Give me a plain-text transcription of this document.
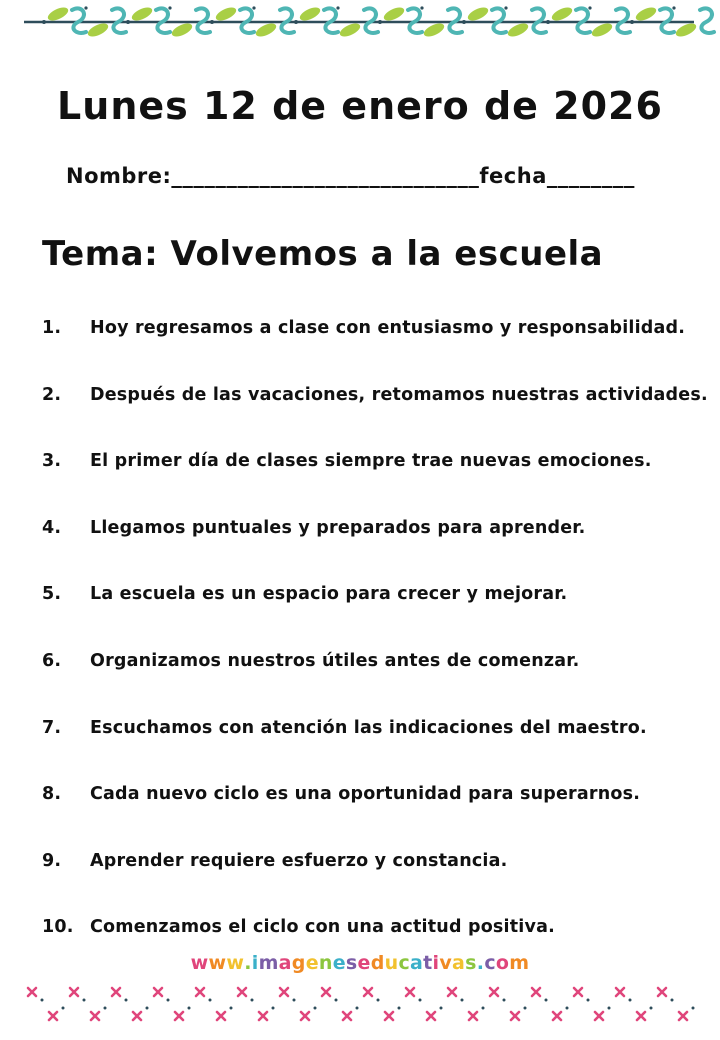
Lunes 12 de enero de 2026
Nombre:____________________________fecha________
Tema: Volvemos a la escuela
1. Hoy regresamos a clase con entusiasmo y responsabilidad.
2. Después de las vacaciones, retomamos nuestras actividades.
3. El primer día de clases siempre trae nuevas emociones.
4. Llegamos puntuales y preparados para aprender.
5. La escuela es un espacio para crecer y mejorar.
6. Organizamos nuestros útiles antes de comenzar.
7. Escuchamos con atención las indicaciones del maestro.
8. Cada nuevo ciclo es una oportunidad para superarnos.
9. Aprender requiere esfuerzo y constancia.
10. Comenzamos el ciclo con una actitud positiva.
www.imageneseducativas.com
